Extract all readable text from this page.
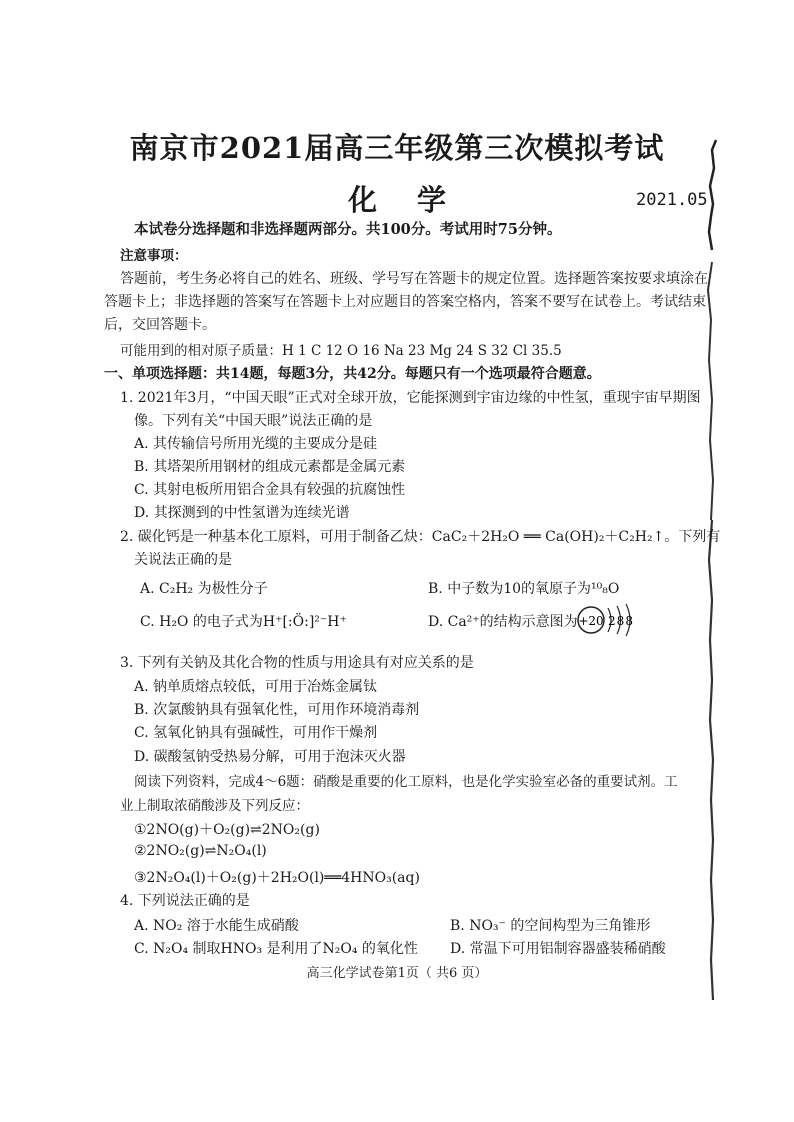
南京市2021届高三年级第三次模拟考试
化学	2021.05
本试卷分选择题和非选择题两部分。共100分。考试用时75分钟。
注意事项：
答题前，考生务必将自己的姓名、班级、学号写在答题卡的规定位置。选择题答案按要求填涂在
答题卡上；非选择题的答案写在答题卡上对应题目的答案空格内，答案不要写在试卷上。考试结束
后，交回答题卡。
可能用到的相对原子质量：H 1 C 12 O 16 Na 23 Mg 24 S 32 Cl 35.5
一、单项选择题：共14题，每题3分，共42分。每题只有一个选项最符合题意。
1. 2021年3月，“中国天眼”正式对全球开放，它能探测到宇宙边缘的中性氢，重现宇宙早期图
像。下列有关“中国天眼”说法正确的是
A. 其传输信号所用光缆的主要成分是硅
B. 其塔架所用钢材的组成元素都是金属元素
C. 其射电板所用铝合金具有较强的抗腐蚀性
D. 其探测到的中性氢谱为连续光谱
2. 碳化钙是一种基本化工原料，可用于制备乙炔：CaC₂＋2H₂O ══ Ca(OH)₂＋C₂H₂↑。下列有
关说法正确的是
A. C₂H₂ 为极性分子	B. 中子数为10的氧原子为¹⁰₈O
C. H₂O 的电子式为H⁺[:Ö:]²⁻H⁺	D. Ca²⁺的结构示意图为 +20 288
3. 下列有关钠及其化合物的性质与用途具有对应关系的是
A. 钠单质熔点较低，可用于冶炼金属钛
B. 次氯酸钠具有强氧化性，可用作环境消毒剂
C. 氢氧化钠具有强碱性，可用作干燥剂
D. 碳酸氢钠受热易分解，可用于泡沫灭火器
阅读下列资料，完成4～6题：硝酸是重要的化工原料，也是化学实验室必备的重要试剂。工
业上制取浓硝酸涉及下列反应：
①2NO(g)＋O₂(g)⇌2NO₂(g)
②2NO₂(g)⇌N₂O₄(l)
③2N₂O₄(l)＋O₂(g)＋2H₂O(l)══4HNO₃(aq)
4. 下列说法正确的是
A. NO₂ 溶于水能生成硝酸	B. NO₃⁻ 的空间构型为三角锥形
C. N₂O₄ 制取HNO₃ 是利用了N₂O₄ 的氧化性 D. 常温下可用铝制容器盛装稀硝酸
高三化学试卷第1页（ 共6 页）
